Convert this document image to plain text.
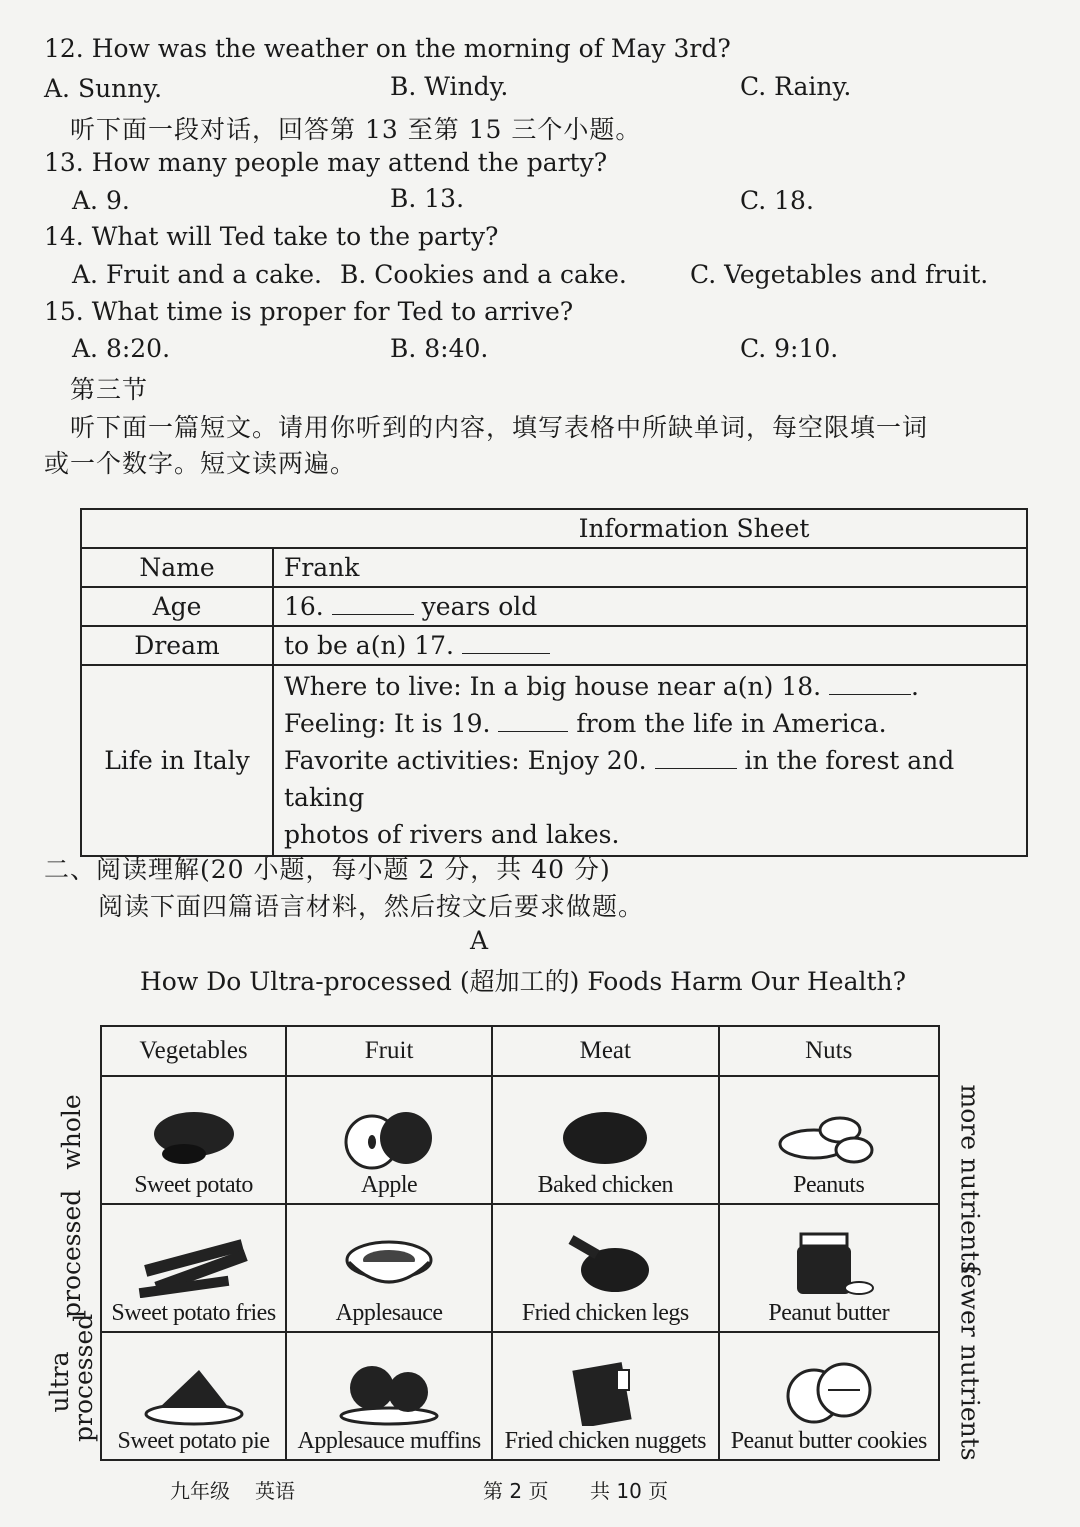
12. How was the weather on the morning of May 3rd?
A. Sunny.	B. Windy.	C. Rainy.
听下面一段对话，回答第 13 至第 15 三个小题。
13. How many people may attend the party?
A. 9.	B. 13.	C. 18.
14. What will Ted take to the party?
A. Fruit and a cake. B. Cookies and a cake.	C. Vegetables and fruit.
15. What time is proper for Ted to arrive?
A. 8:20.	B. 8:40.	C. 9:10.
第三节
听下面一篇短文。请用你听到的内容，填写表格中所缺单词，每空限填一词
或一个数字。短文读两遍。
Information Sheet	
Name	Frank
Age	16. years old
Dream	to be a(n) 17.
Life in Italy	Where to live: In a big house near a(n) 18. .
Feeling: It is 19. from the life in America.
Favorite activities: Enjoy 20. in the forest and taking
photos of rivers and lakes.
二、阅读理解(20 小题，每小题 2 分，共 40 分)
阅读下面四篇语言材料，然后按文后要求做题。
A
How Do Ultra-processed (超加工的) Foods Harm Our Health?
Vegetables	Fruit	Meat	Nuts

Sweet potato	Apple	Baked chicken	Peanuts

Sweet potato fries	Applesauce	Fried chicken legs	Peanut butter

Sweet potato pie	Applesauce muffins	Fried chicken nuggets	Peanut butter cookies
whole
processed
ultra
processed
more nutrients
fewer nutrients
九年级 英语	第 2 页 共 10 页
